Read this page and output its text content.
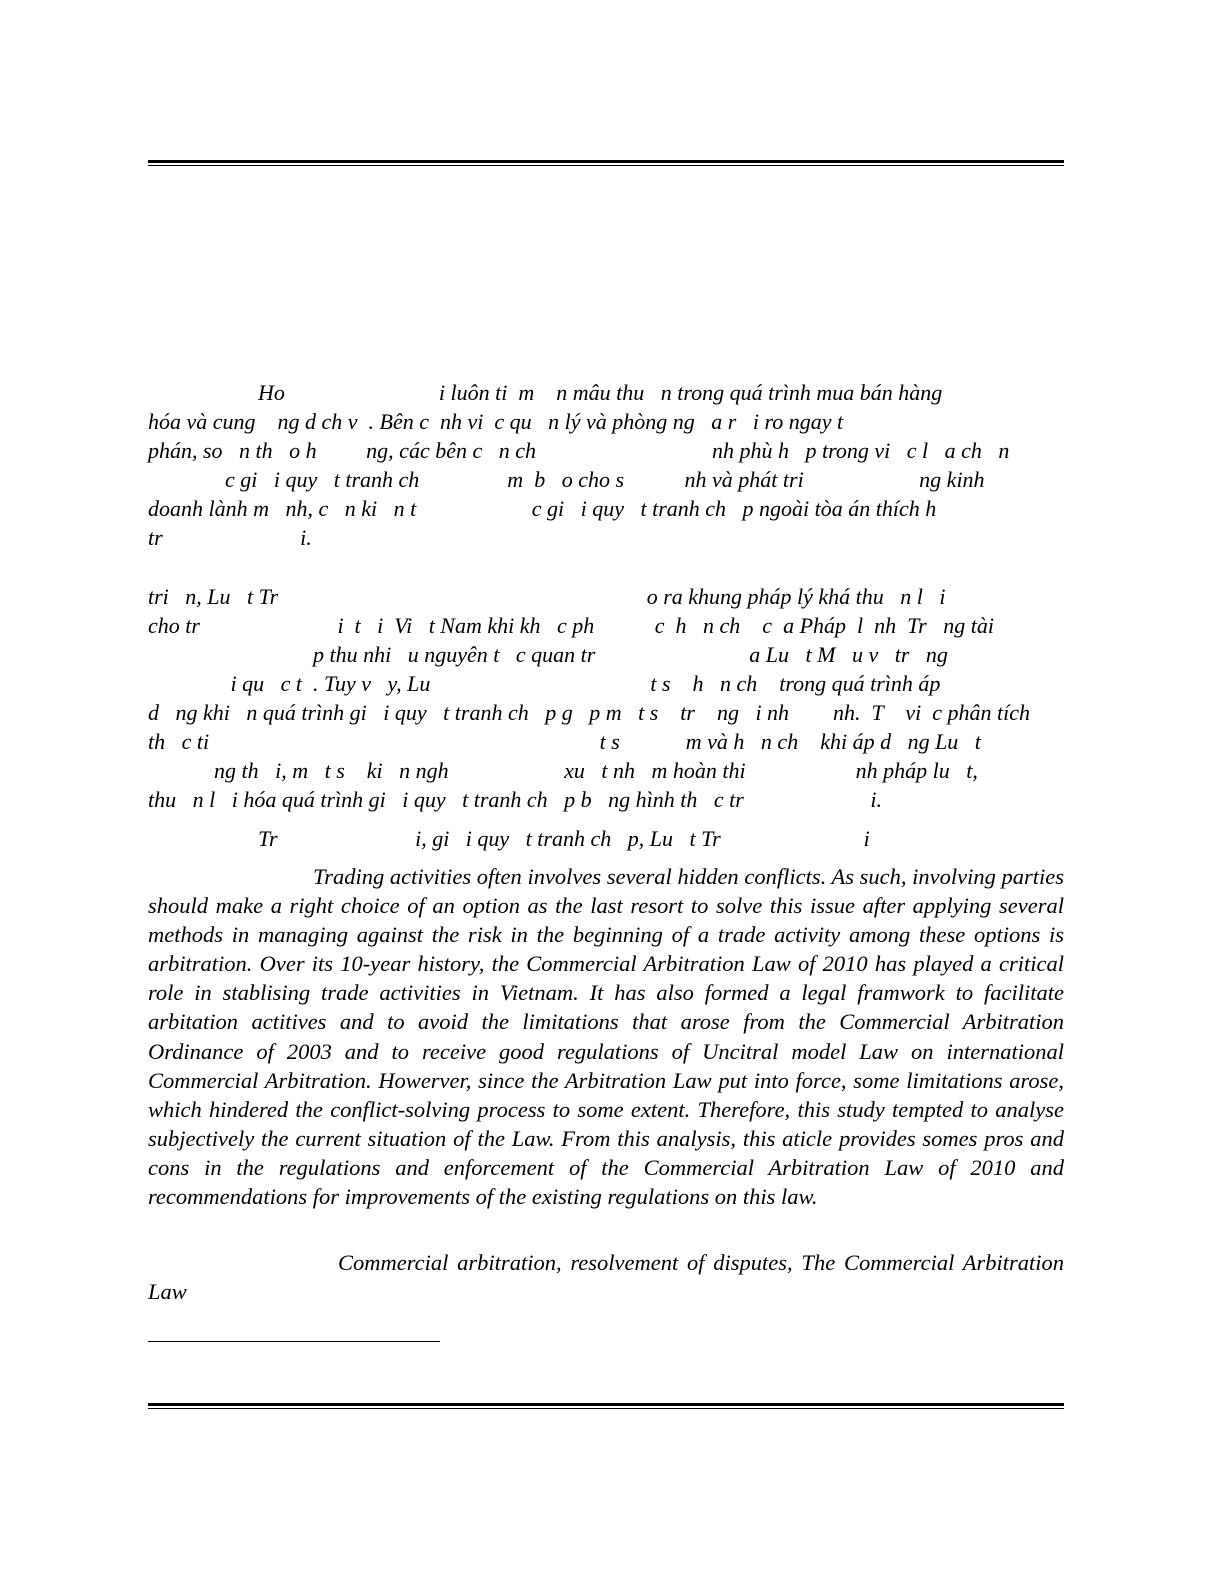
Ho                            i luôn ti  m    n mâu thu   n trong quá trình mua bán hàng
hóa và cung    ng d ch v  . Bên c  nh vi  c qu   n lý và phòng ng   a r   i ro ngay t
phán, so   n th   o h         ng, các bên c   n ch                                nh phù h   p trong vi   c l   a ch   n
c gi   i quy   t tranh ch                m  b   o cho s           nh và phát tri                     ng kinh
doanh lành m   nh, c   n ki   n t                     c gi   i quy   t tranh ch   p ngoài tòa án thích h
tr                         i.
tri   n, Lu   t Tr                                                                   o ra khung pháp lý khá thu   n l   i
cho tr                         i  t   i  Vi   t Nam khi kh   c ph           c  h   n ch    c  a Pháp  l  nh  Tr   ng tài
p thu nhi   u nguyên t   c quan tr                            a Lu   t M   u v   tr   ng
i qu   c t  . Tuy v   y, Lu                                        t s    h   n ch    trong quá trình áp
d   ng khi   n quá trình gi   i quy   t tranh ch   p g   p m   t s    tr    ng   i nh        nh.  T    vi  c phân tích
th   c ti                                                                       t s            m và h   n ch    khi áp d   ng Lu   t
ng th   i, m   t s    ki   n ngh                     xu   t nh   m hoàn thi                    nh pháp lu   t,
thu   n l   i hóa quá trình gi   i quy   t tranh ch   p b   ng hình th   c tr                       i.
Tr                         i, gi   i quy   t tranh ch   p, Lu   t Tr                          i
Trading activities often involves several hidden conflicts. As such, involving parties should make a right choice of an option as the last resort to solve this issue after applying several methods in managing against the risk in the beginning of a trade activity among these options is arbitration. Over its 10-year history, the Commercial Arbitration Law of 2010 has played a critical role in stablising trade activities in Vietnam. It has also formed a legal framwork to facilitate arbitation actitives and to avoid the limitations that arose from the Commercial Arbitration Ordinance of 2003 and to receive good regulations of Uncitral model Law on international Commercial Arbitration. Howerver, since the Arbitration Law put into force, some limitations arose, which hindered the conflict-solving process to some extent. Therefore, this study tempted to analyse subjectively the current situation of the Law. From this analysis, this aticle provides somes pros and cons in the regulations and enforcement of the Commercial Arbitration Law of 2010 and recommendations for improvements of the existing regulations on this law.
Commercial arbitration, resolvement of disputes, The Commercial Arbitration Law
